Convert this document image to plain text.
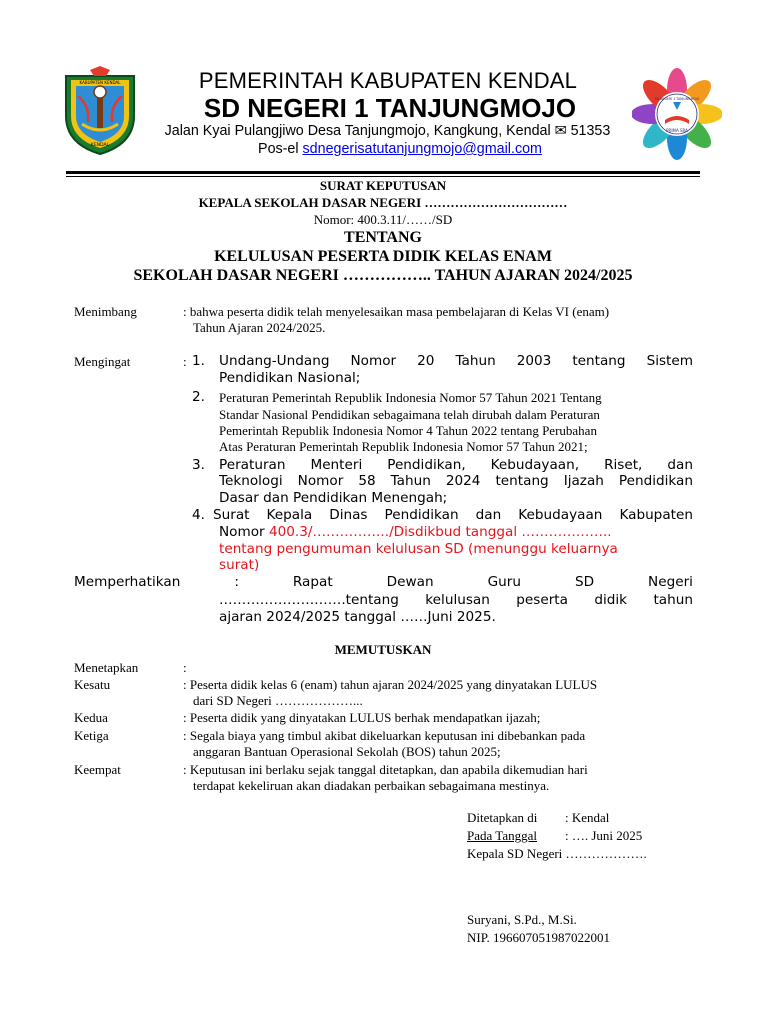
KABUPATEN KENDAL
KENDAL
PEMERINTAH KABUPATEN KENDAL
SD NEGERI 1 TANJUNGMOJO
Jalan Kyai Pulangjiwo Desa Tanjungmojo, Kangkung, Kendal ✉ 51353
Pos-el sdnegerisatutanjungmojo@gmail.com
PRIMA SRA
SD NEGERI 1 TANJUNGMOJO
SURAT KEPUTUSAN
KEPALA SEKOLAH DASAR NEGERI ……………………………
Nomor: 400.3.11/……/SD
TENTANG
KELULUSAN PESERTA DIDIK KELAS ENAM
SEKOLAH DASAR NEGERI …………….. TAHUN AJARAN 2024/2025
Menimbang	: bahwa peserta didik telah menyelesaikan masa pembelajaran di Kelas VI (enam)
Tahun Ajaran 2024/2025.
Mengingat	: 1. Undang-Undang Nomor 20 Tahun 2003 tentang Sistem
Pendidikan Nasional;
2. Peraturan Pemerintah Republik Indonesia Nomor 57 Tahun 2021 Tentang
Standar Nasional Pendidikan sebagaimana telah dirubah dalam Peraturan
Pemerintah Republik Indonesia Nomor 4 Tahun 2022 tentang Perubahan
Atas Peraturan Pemerintah Republik Indonesia Nomor 57 Tahun 2021;
3. Peraturan Menteri Pendidikan, Kebudayaan, Riset, dan
Teknologi Nomor 58 Tahun 2024 tentang Ijazah Pendidikan
Dasar dan Pendidikan Menengah;
4. Surat Kepala Dinas Pendidikan dan Kebudayaan Kabupaten
Nomor 400.3/……………../Disdikbud tanggal ………………..
tentang pengumuman kelulusan SD (menunggu keluarnya
surat)
Memperhatikan	:	Rapat	Dewan	Guru	SD	Negeri
……………………….tentang kelulusan peserta didik tahun
ajaran 2024/2025 tanggal ……Juni 2025.
MEMUTUSKAN
Menetapkan	:
Kesatu	: Peserta didik kelas 6 (enam) tahun ajaran 2024/2025 yang dinyatakan LULUS
dari SD Negeri ………………...
Kedua	: Peserta didik yang dinyatakan LULUS berhak mendapatkan ijazah;
Ketiga	: Segala biaya yang timbul akibat dikeluarkan keputusan ini dibebankan pada
anggaran Bantuan Operasional Sekolah (BOS) tahun 2025;
Keempat	: Keputusan ini berlaku sejak tanggal ditetapkan, dan apabila dikemudian hari
terdapat kekeliruan akan diadakan perbaikan sebagaimana mestinya.
Ditetapkan di : Kendal
Pada Tanggal : …. Juni 2025
Kepala SD Negeri ……………….
Suryani, S.Pd., M.Si.
NIP. 196607051987022001
